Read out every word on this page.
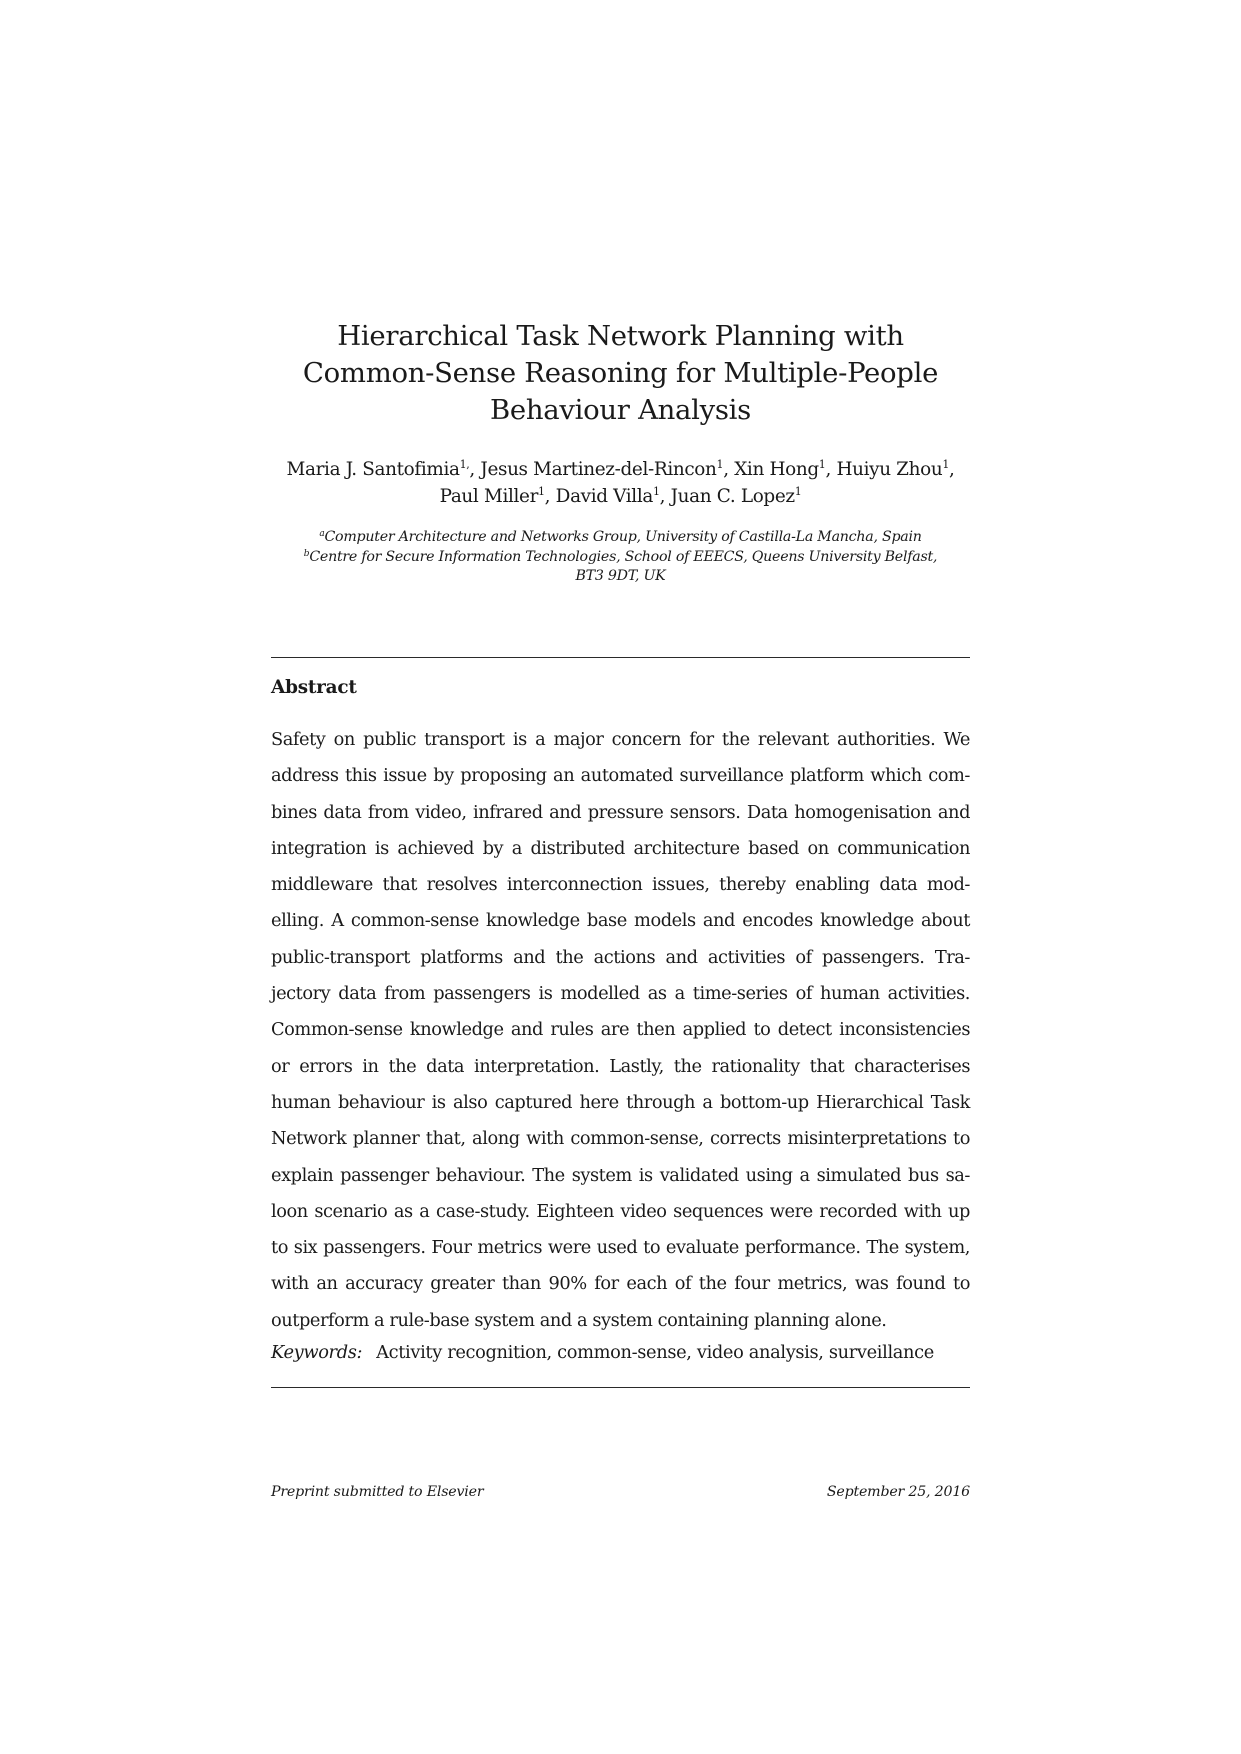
Hierarchical Task Network Planning with
Common-Sense Reasoning for Multiple-People
Behaviour Analysis
Maria J. Santofimia$^{1,}$, Jesus Martinez-del-Rincon$^1$, Xin Hong$^1$, Huiyu Zhou$^1$,
Paul Miller$^1$, David Villa$^1$, Juan C. Lopez$^1$
$^a$Computer Architecture and Networks Group, University of Castilla-La Mancha, Spain
$^b$Centre for Secure Information Technologies, School of EEECS, Queens University Belfast,
BT3 9DT, UK
Abstract
Safety on public transport is a major concern for the relevant authorities. We
address this issue by proposing an automated surveillance platform which com-
bines data from video, infrared and pressure sensors. Data homogenisation and
integration is achieved by a distributed architecture based on communication
middleware that resolves interconnection issues, thereby enabling data mod-
elling. A common-sense knowledge base models and encodes knowledge about
public-transport platforms and the actions and activities of passengers. Tra-
jectory data from passengers is modelled as a time-series of human activities.
Common-sense knowledge and rules are then applied to detect inconsistencies
or errors in the data interpretation. Lastly, the rationality that characterises
human behaviour is also captured here through a bottom-up Hierarchical Task
Network planner that, along with common-sense, corrects misinterpretations to
explain passenger behaviour. The system is validated using a simulated bus sa-
loon scenario as a case-study. Eighteen video sequences were recorded with up
to six passengers. Four metrics were used to evaluate performance. The system,
with an accuracy greater than 90% for each of the four metrics, was found to
outperform a rule-base system and a system containing planning alone.
Keywords: Activity recognition, common-sense, video analysis, surveillance
Preprint submitted to Elsevier	September 25, 2016
